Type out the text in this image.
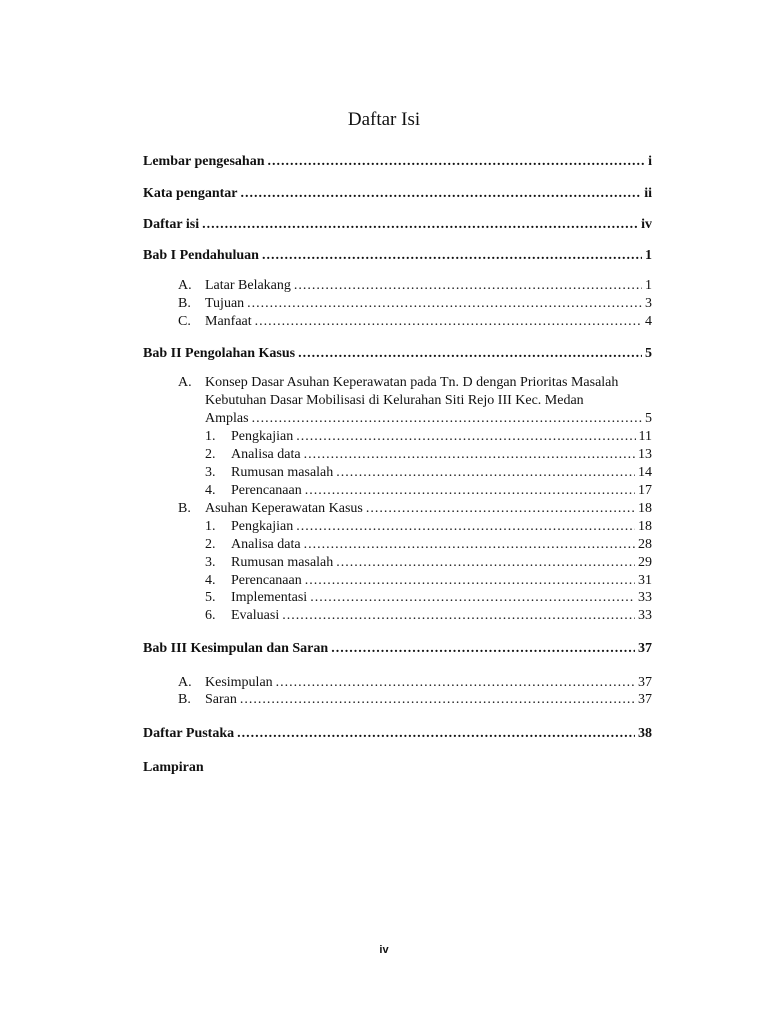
Daftar Isi
Lembar pengesahan .....	i
Kata pengantar .....	ii
Daftar isi .....	iv
Bab I Pendahuluan .....	1
A. Latar Belakang .....	1
B.	Tujuan .....	3
C.	Manfaat .....	4
Bab II Pengolahan Kasus .....	5
A. Konsep Dasar Asuhan Keperawatan pada Tn. D dengan Prioritas Masalah
Kebutuhan Dasar Mobilisasi di Kelurahan Siti Rejo III Kec. Medan
Amplas .....	5
1.	Pengkajian .....	11
2.	Analisa data .....	13
3.	Rumusan masalah .....	14
4.	Perencanaan .....	17
B.	Asuhan Keperawatan Kasus .....	18
1.	Pengkajian .....	18
2.	Analisa data .....	28
3.	Rumusan masalah .....	29
4.	Perencanaan .....	31
5.	Implementasi .....	33
6.	Evaluasi .....	33
Bab III Kesimpulan dan Saran .....	37
A. Kesimpulan .....	37
B.	Saran .....	37
Daftar Pustaka .....	38
Lampiran
iv
